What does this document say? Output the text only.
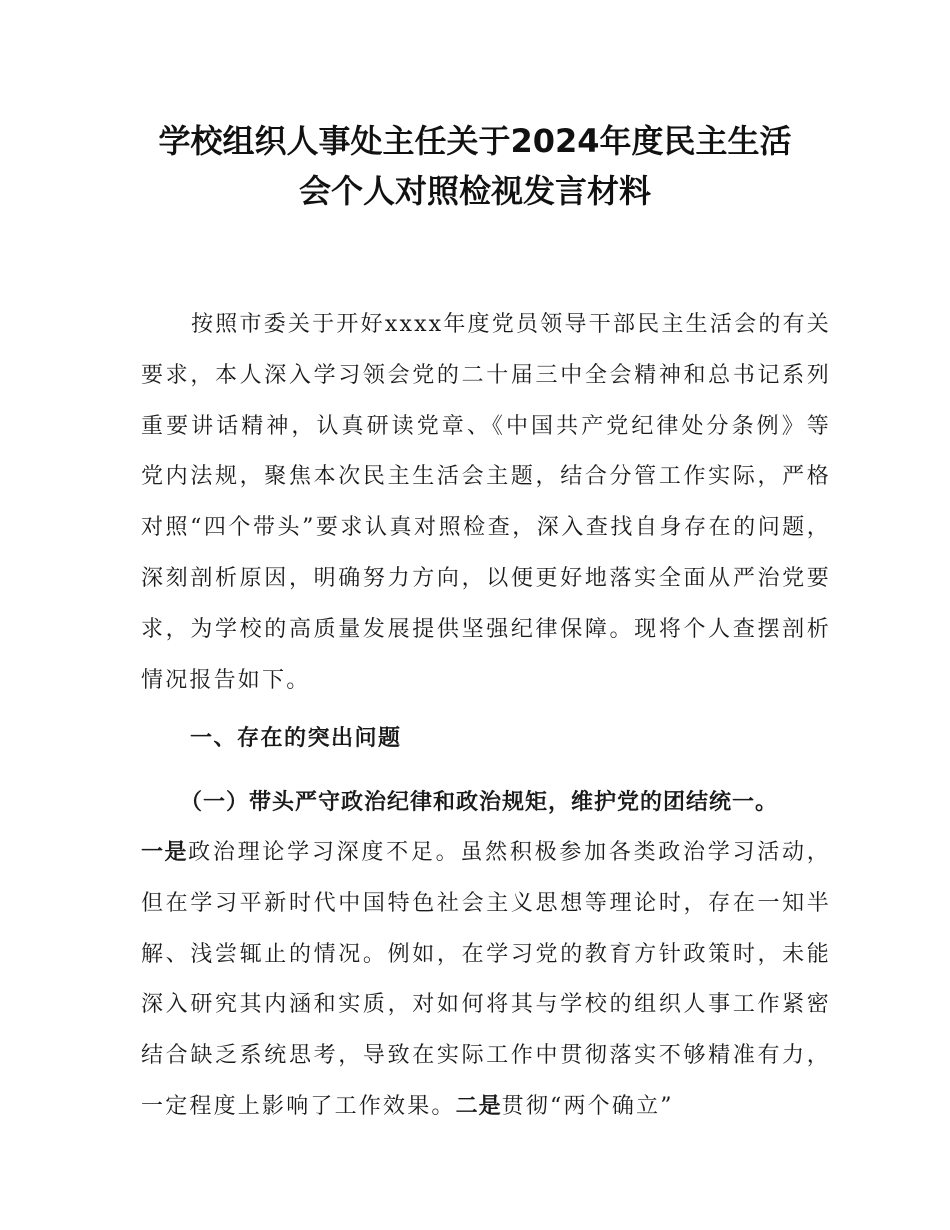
学校组织人事处主任关于2024年度民主生活
会个人对照检视发言材料

按照市委关于开好xxxx年度党员领导干部民主生活会的有关要求，本人深入学习领会党的二十届三中全会精神和总书记系列重要讲话精神，认真研读党章、《中国共产党纪律处分条例》等党内法规，聚焦本次民主生活会主题，结合分管工作实际，严格对照“四个带头”要求认真对照检查，深入查找自身存在的问题，深刻剖析原因，明确努力方向，以便更好地落实全面从严治党要求，为学校的高质量发展提供坚强纪律保障。现将个人查摆剖析情况报告如下。

一、存在的突出问题
（一）带头严守政治纪律和政治规矩，维护党的团结统一。

一是政治理论学习深度不足。虽然积极参加各类政治学习活动，但在学习平新时代中国特色社会主义思想等理论时，存在一知半解、浅尝辄止的情况。例如，在学习党的教育方针政策时，未能深入研究其内涵和实质，对如何将其与学校的组织人事工作紧密结合缺乏系统思考，导致在实际工作中贯彻落实不够精准有力，一定程度上影响了工作效果。二是贯彻“两个确立”
